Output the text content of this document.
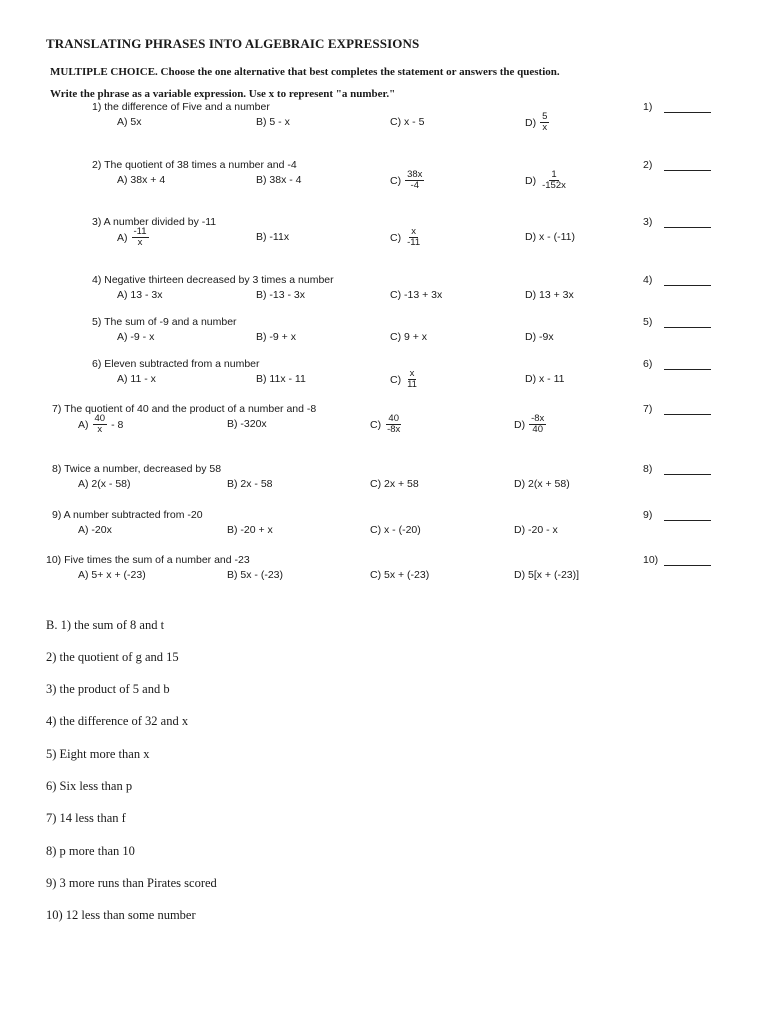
TRANSLATING PHRASES INTO ALGEBRAIC EXPRESSIONS
MULTIPLE CHOICE. Choose the one alternative that best completes the statement or answers the question.
Write the phrase as a variable expression. Use x to represent "a number."
1) the difference of Five and a number	1)
A) 5x	B) 5 - x	C) x - 5	$D) \frac{5}{x}$
2) The quotient of 38 times a number and -4	2)
A) 38x + 4	B) 38x - 4	$C) \frac{38x}{-4}$	$D) \frac{1}{-152x}$
3) A number divided by -11	3)
$A) \frac{-11}{x}$	B) -11x	$C) \frac{x}{-11}$	D) x - (-11)
4) Negative thirteen decreased by 3 times a number	4)
A) 13 - 3x	B) -13 - 3x	C) -13 + 3x	D) 13 + 3x
5) The sum of -9 and a number	5)
A) -9 - x	B) -9 + x	C) 9 + x	D) -9x
6) Eleven subtracted from a number	6)
A) 11 - x	B) 11x - 11	$C) \frac{x}{11}$	D) x - 11
7) The quotient of 40 and the product of a number and -8	7)
$A) \frac{40}{x} - 8$	B) -320x	$C) \frac{40}{-8x}$	$D) \frac{-8x}{40}$
8) Twice a number, decreased by 58	8)
A) 2(x - 58)	B) 2x - 58	C) 2x + 58	D) 2(x + 58)
9) A number subtracted from -20	9)
A) -20x	B) -20 + x	C) x - (-20)	D) -20 - x
10) Five times the sum of a number and -23	10)
A) 5+ x + (-23)	B) 5x - (-23)	C) 5x + (-23)	D) 5[x + (-23)]
B. 1) the sum of 8 and t
2) the quotient of g and 15
3) the product of 5 and b
4) the difference of 32 and x
5) Eight more than x
6) Six less than p
7) 14 less than f
8) p more than 10
9) 3 more runs than Pirates scored
10) 12 less than some number
